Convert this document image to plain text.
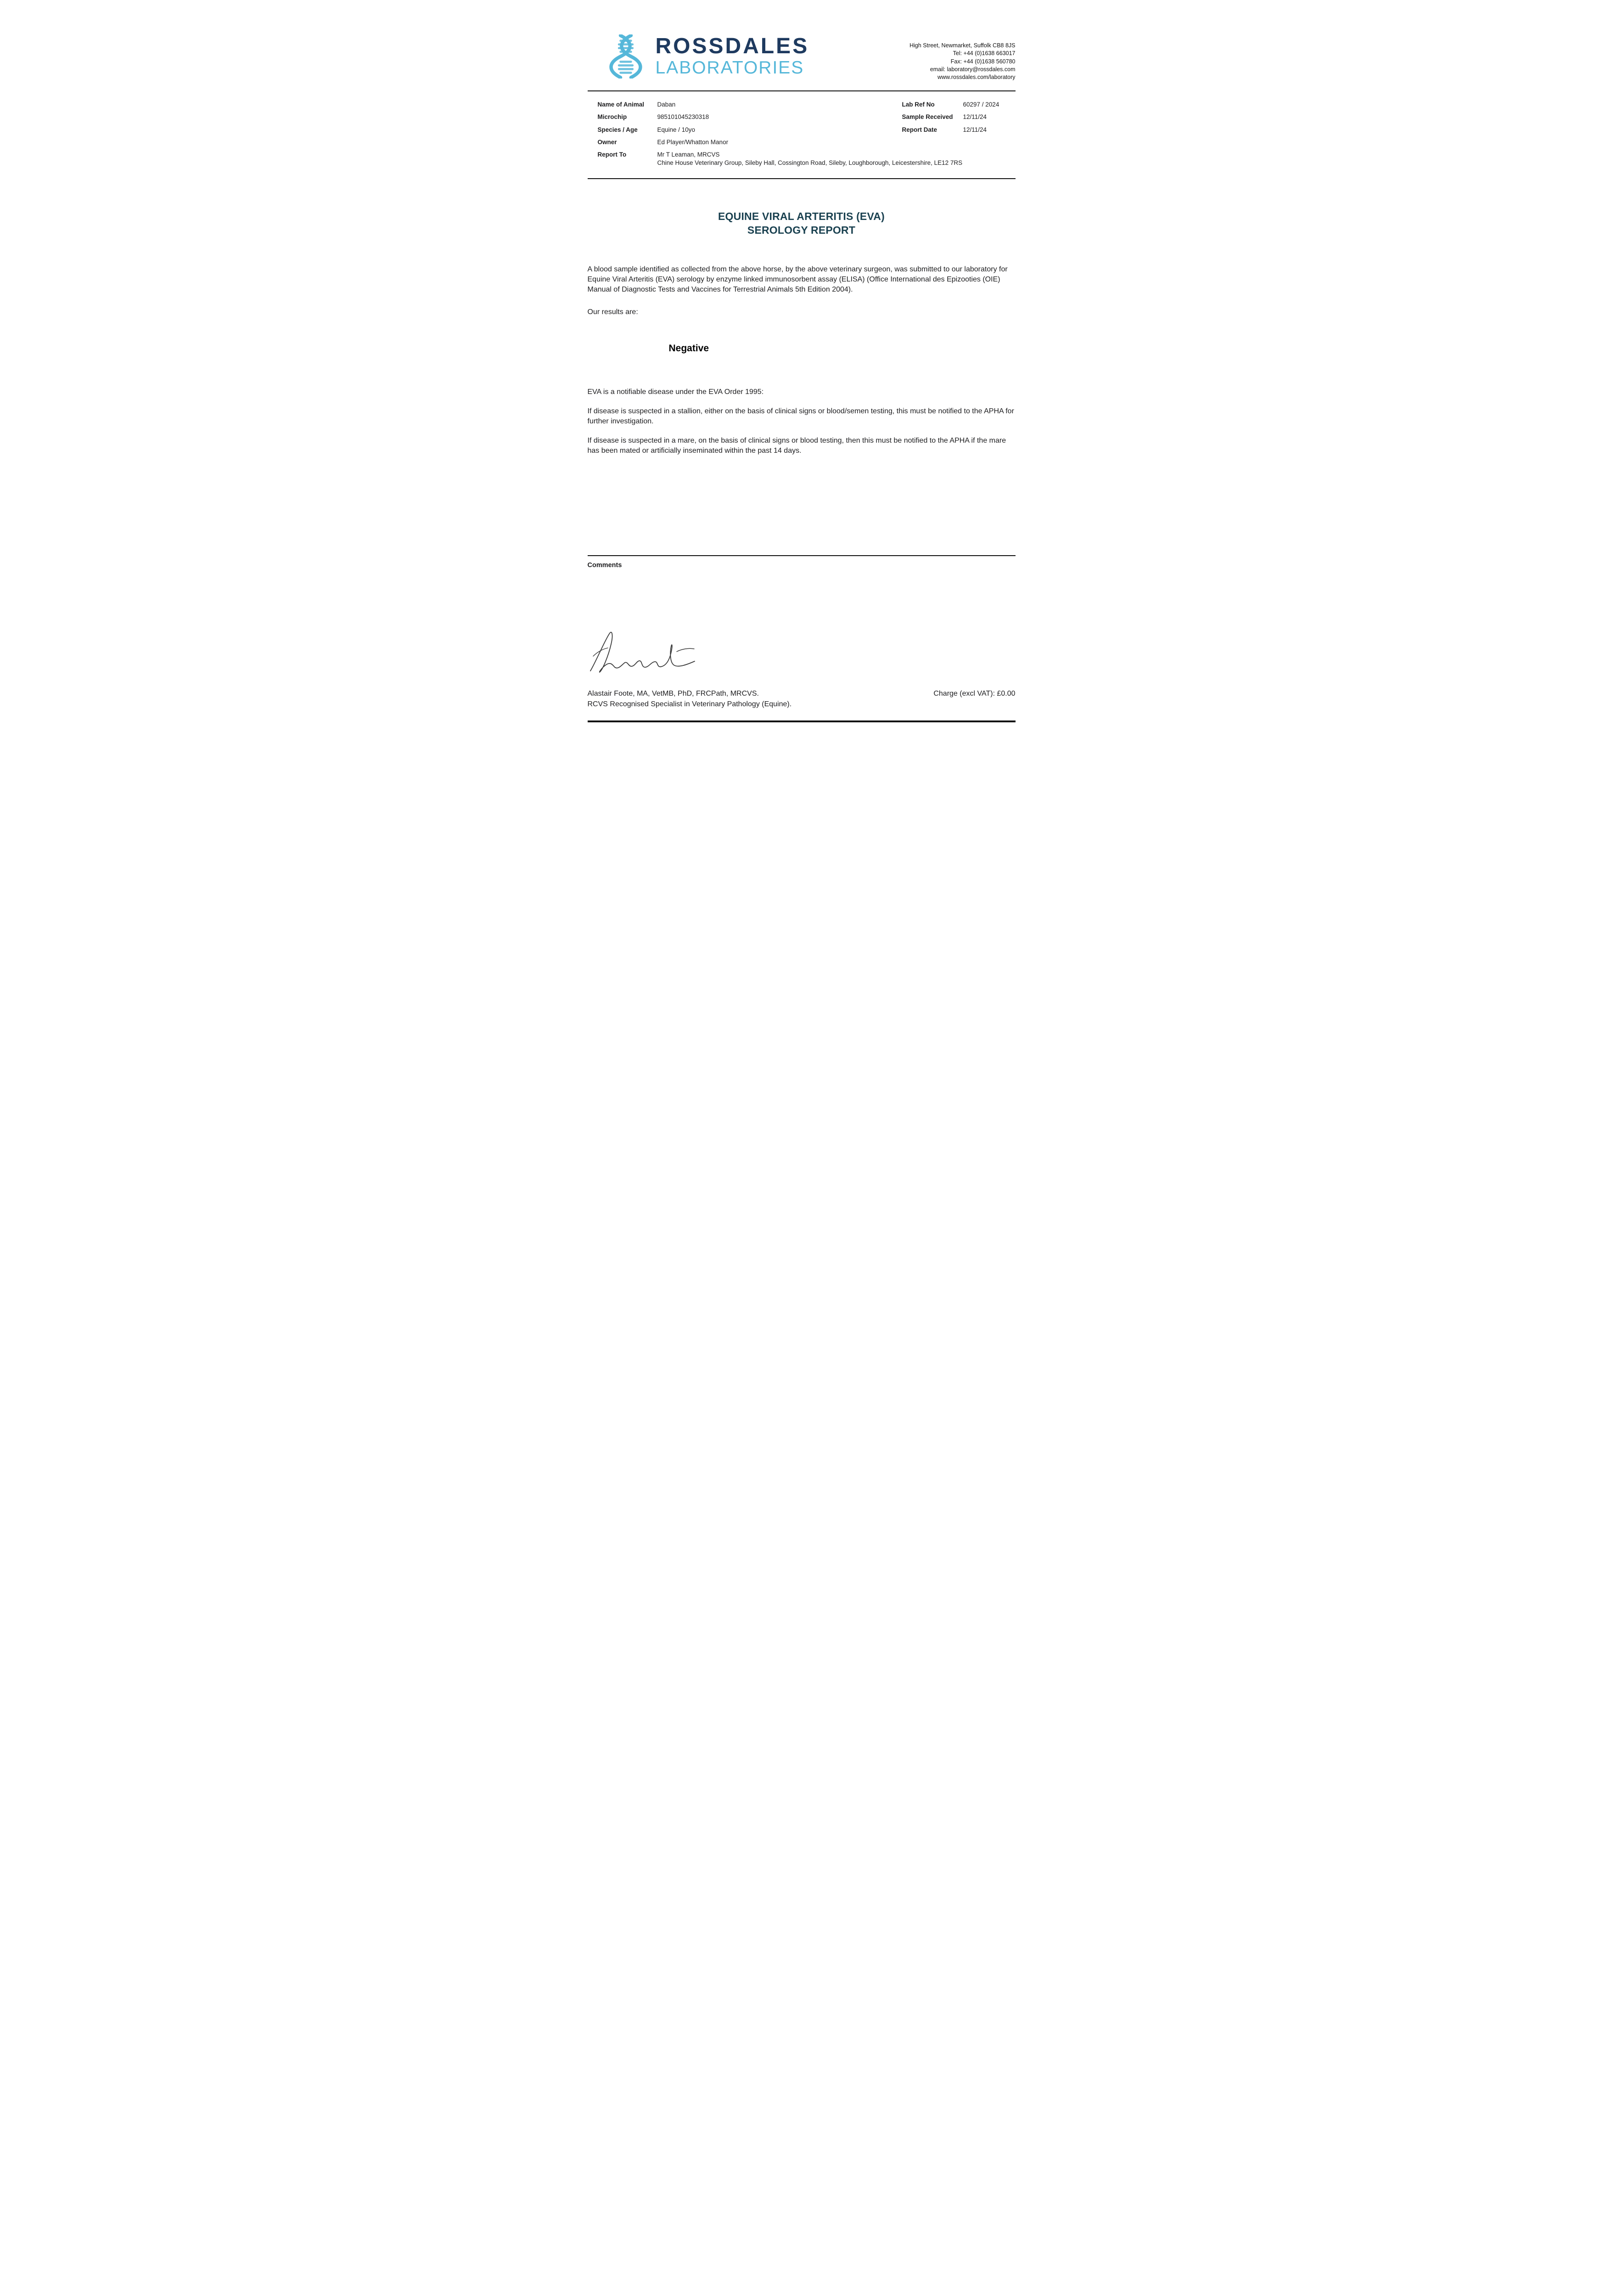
ROSSDALES
LABORATORIES
High Street, Newmarket, Suffolk CB8 8JS
Tel: +44 (0)1638 663017
Fax: +44 (0)1638 560780
email: laboratory@rossdales.com
www.rossdales.com/laboratory
Name of Animal	Daban
Microchip	985101045230318
Species / Age	Equine / 10yo
Owner	Ed Player/Whatton Manor
Lab Ref No	60297 / 2024
Sample Received	12/11/24
Report Date	12/11/24
Report To	Mr T Leaman, MRCVS
Chine House Veterinary Group, Sileby Hall, Cossington Road, Sileby, Loughborough, Leicestershire, LE12 7RS
EQUINE VIRAL ARTERITIS (EVA)
SEROLOGY REPORT

A blood sample identified as collected from the above horse, by the above veterinary surgeon, was submitted to our laboratory for Equine Viral Arteritis (EVA) serology by enzyme linked immunosorbent assay (ELISA) (Office International des Epizooties (OIE) Manual of Diagnostic Tests and Vaccines for Terrestrial Animals 5th Edition 2004).

Our results are:

Negative

EVA is a notifiable disease under the EVA Order 1995:

If disease is suspected in a stallion, either on the basis of clinical signs or blood/semen testing, this must be notified to the APHA for further investigation.

If disease is suspected in a mare, on the basis of clinical signs or blood testing, then this must be notified to the APHA if the mare has been mated or artificially inseminated within the past 14 days.

Comments
Alastair Foote, MA, VetMB, PhD, FRCPath, MRCVS.
RCVS Recognised Specialist in Veterinary Pathology (Equine).
Charge (excl VAT): £0.00
